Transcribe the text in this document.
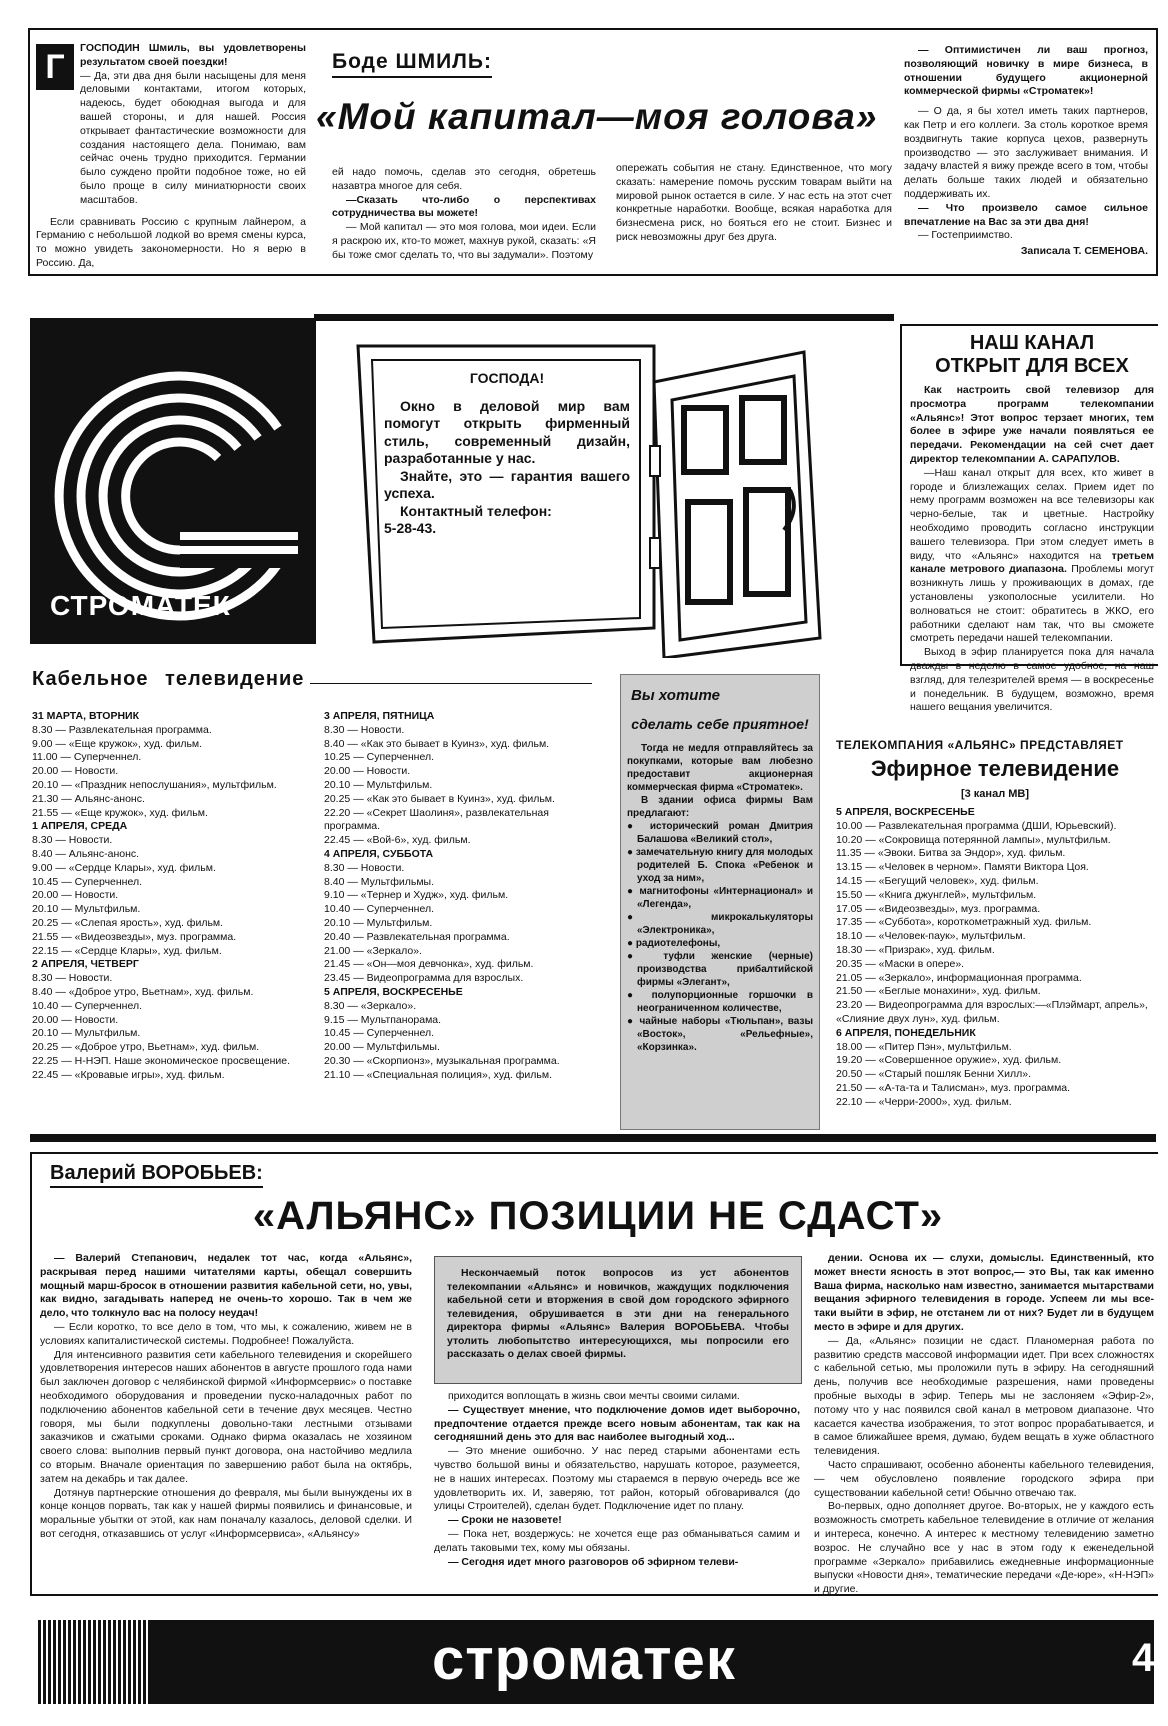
Г	ГОСПОДИН Шмиль, вы удовлетворены результатом своей поездки!

— Да, эти два дня были насыщены для меня деловыми контактами, итогом которых, надеюсь, будет обоюдная выгода и для вашей стороны, и для нашей. Россия открывает фантастические возможности для создания настоящего дела. Понимаю, вам сейчас очень трудно приходится. Германии было суждено пройти подобное тоже, но ей было проще в силу миниатюрности своих масштабов.

Если сравнивать Россию с крупным лайнером, а Германию с небольшой лодкой во время смены курса, то можно увидеть закономерности. Но я верю в Россию. Да,

Боде ШМИЛЬ:
«Мой капитал—моя голова»

ей надо помочь, сделав это сегодня, обретешь назавтра многое для себя.

—Сказать что-либо о перспективах сотрудничества вы можете!

— Мой капитал — это моя голова, мои идеи. Если я раскрою их, кто-то может, махнув рукой, сказать: «Я бы тоже смог сделать то, что вы задумали». Поэтому

опережать события не стану. Единственное, что могу сказать: намерение помочь русским товарам выйти на мировой рынок остается в силе. У нас есть на этот счет конкретные наработки. Вообще, всякая наработка для бизнесмена риск, но бояться его не стоит. Бизнес и риск невозможны друг без друга.

— Оптимистичен ли ваш прогноз, позволяющий новичку в мире бизнеса, в отношении будущего акционерной коммерческой фирмы «Строматек»!

— О да, я бы хотел иметь таких партнеров, как Петр и его коллеги. За столь короткое время воздвигнуть такие корпуса цехов, развернуть производство — это заслуживает внимания. И задачу властей я вижу прежде всего в том, чтобы делать больше таких людей и обязательно поддерживать их.

— Что произвело самое сильное впечатление на Вас за эти два дня!

— Гостеприимство.

Записала Т. СЕМЕНОВА.
СТРОМАТЕК
ГОСПОДА!
Окно в деловой мир вам помогут открыть фирменный стиль, современный дизайн, разработанные у нас.
Знайте, это — гарантия вашего успеха.
Контактный телефон:
5-28-43.
НАШ КАНАЛ
ОТКРЫТ ДЛЯ ВСЕХ

Как настроить свой телевизор для просмотра программ телекомпании «Альянс»! Этот вопрос терзает многих, тем более в эфире уже начали появляться ее передачи. Рекомендации на сей счет дает директор телекомпании А. САРАПУЛОВ.

—Наш канал открыт для всех, кто живет в городе и близлежащих селах. Прием идет по нему программ возможен на все телевизоры как черно-белые, так и цветные. Настройку необходимо проводить согласно инструкции вашего телевизора. При этом следует иметь в виду, что «Альянс» находится на третьем канале метрового диапазона. Проблемы могут возникнуть лишь у проживающих в домах, где установлены узкополосные усилители. Но волноваться не стоит: обратитесь в ЖКО, его работники сделают нам так, что вы сможете смотреть передачи нашей телекомпании.

Выход в эфир планируется пока для начала дважды в неделю в самое удобное, на наш взгляд, для телезрителей время — в воскресенье и понедельник. В будущем, возможно, время нашего вещания увеличится.

Кабельное телевидение
31 МАРТА, ВТОРНИК
8.30 — Развлекательная программа.
9.00 — «Еще кружок», худ. фильм.
11.00 — Суперченнел.
20.00 — Новости.
20.10 — «Праздник непослушания», мультфильм.
21.30 — Альянс-анонс.
21.55 — «Еще кружок», худ. фильм.
1 АПРЕЛЯ, СРЕДА
8.30 — Новости.
8.40 — Альянс-анонс.
9.00 — «Сердце Клары», худ. фильм.
10.45 — Суперченнел.
20.00 — Новости.
20.10 — Мультфильм.
20.25 — «Слепая ярость», худ. фильм.
21.55 — «Видеозвезды», муз. программа.
22.15 — «Сердце Клары», худ. фильм.
2 АПРЕЛЯ, ЧЕТВЕРГ
8.30 — Новости.
8.40 — «Доброе утро, Вьетнам», худ. фильм.
10.40 — Суперченнел.
20.00 — Новости.
20.10 — Мультфильм.
20.25 — «Доброе утро, Вьетнам», худ. фильм.
22.25 — Н-НЭП. Наше экономическое просвещение.
22.45 — «Кровавые игры», худ. фильм.
3 АПРЕЛЯ, ПЯТНИЦА
8.30 — Новости.
8.40 — «Как это бывает в Куинз», худ. фильм.
10.25 — Суперченнел.
20.00 — Новости.
20.10 — Мультфильм.
20.25 — «Как это бывает в Куинз», худ. фильм.
22.20 — «Секрет Шаолиня», развлекательная программа.
22.45 — «Вой-6», худ. фильм.
4 АПРЕЛЯ, СУББОТА
8.30 — Новости.
8.40 — Мультфильмы.
9.10 — «Тернер и Худж», худ. фильм.
10.40 — Суперченнел.
20.10 — Мультфильм.
20.40 — Развлекательная программа.
21.00 — «Зеркало».
21.45 — «Он—моя девчонка», худ. фильм.
23.45 — Видеопрограмма для взрослых.
5 АПРЕЛЯ, ВОСКРЕСЕНЬЕ
8.30 — «Зеркало».
9.15 — Мультпанорама.
10.45 — Суперченнел.
20.00 — Мультфильмы.
20.30 — «Скорпионз», музыкальная программа.
21.10 — «Специальная полиция», худ. фильм.
Вы хотите
сделать себе приятное!

Тогда не медля отправляйтесь за покупками, которые вам любезно предоставит акционерная коммерческая фирма «Строматек».

В здании офиса фирмы Вам предлагают:

● исторический роман Дмитрия Балашова «Великий стол»,
● замечательную книгу для молодых родителей Б. Спока «Ребенок и уход за ним»,
● магнитофоны «Интернационал» и «Легенда»,
● микрокалькуляторы «Электроника»,
● радиотелефоны,
● туфли женские (черные) производства прибалтийской фирмы «Элегант»,
● полупорционные горшочки в неограниченном количестве,
● чайные наборы «Тюльпан», вазы «Восток», «Рельефные», «Корзинка».
ТЕЛЕКОМПАНИЯ «АЛЬЯНС» ПРЕДСТАВЛЯЕТ
Эфирное телевидение
[3 канал МВ]
5 АПРЕЛЯ, ВОСКРЕСЕНЬЕ
10.00 — Развлекательная программа (ДШИ, Юрьевский).
10.20 — «Сокровища потерянной лампы», мультфильм.
11.35 — «Эвоки. Битва за Эндор», худ. фильм.
13.15 — «Человек в черном». Памяти Виктора Цоя.
14.15 — «Бегущий человек», худ. фильм.
15.50 — «Книга джунглей», мультфильм.
17.05 — «Видеозвезды», муз. программа.
17.35 — «Суббота», короткометражный худ. фильм.
18.10 — «Человек-паук», мультфильм.
18.30 — «Призрак», худ. фильм.
20.35 — «Маски в опере».
21.05 — «Зеркало», информационная программа.
21.50 — «Беглые монахини», худ. фильм.
23.20 — Видеопрограмма для взрослых:—«Плэймарт, апрель», «Слияние двух лун», худ. фильм.
6 АПРЕЛЯ, ПОНЕДЕЛЬНИК
18.00 — «Питер Пэн», мультфильм.
19.20 — «Совершенное оружие», худ. фильм.
20.50 — «Старый пошляк Бенни Хилл».
21.50 — «А-та-та и Талисман», муз. программа.
22.10 — «Черри-2000», худ. фильм.
Валерий ВОРОБЬЕВ:
«АЛЬЯНС» ПОЗИЦИИ НЕ СДАСТ»

— Валерий Степанович, недалек тот час, когда «Альянс», раскрывая перед нашими читателями карты, обещал совершить мощный марш-бросок в отношении развития кабельной сети, но, увы, как видно, загадывать наперед не очень-то хорошо. Так в чем же дело, что толкнуло вас на полосу неудач!

— Если коротко, то все дело в том, что мы, к сожалению, живем не в условиях капиталистической системы. Подробнее! Пожалуйста.

Для интенсивного развития сети кабельного телевидения и скорейшего удовлетворения интересов наших абонентов в августе прошлого года нами был заключен договор с челябинской фирмой «Информсервис» о поставке необходимого оборудования и проведении пуско-наладочных работ по подключению абонентов кабельной сети в течение двух месяцев. Честно говоря, мы были подкуплены довольно-таки лестными отзывами заказчиков и сжатыми сроками. Однако фирма оказалась не хозяином своего слова: выполнив первый пункт договора, она настойчиво медлила со вторым. Вначале ориентация по завершению работ была на октябрь, затем на декабрь и так далее.

Дотянув партнерские отношения до февраля, мы были вынуждены их в конце концов порвать, так как у нашей фирмы появились и финансовые, и моральные убытки от этой, как нам поначалу казалось, деловой сделки. И вот сегодня, отказавшись от услуг «Информсервиса», «Альянсу»

Нескончаемый поток вопросов из уст абонентов телекомпании «Альянс» и новичков, жаждущих подключения кабельной сети и вторжения в свой дом городского эфирного телевидения, обрушивается в эти дни на генерального директора фирмы «Альянс» Валерия ВОРОБЬЕВА. Чтобы утолить любопытство интересующихся, мы попросили его рассказать о делах своей фирмы.

приходится воплощать в жизнь свои мечты своими силами.

— Существует мнение, что подключение домов идет выборочно, предпочтение отдается прежде всего новым абонентам, так как на сегодняшний день это для вас наиболее выгодный ход...

— Это мнение ошибочно. У нас перед старыми абонентами есть чувство большой вины и обязательство, нарушать которое, разумеется, не в наших интересах. Поэтому мы стараемся в первую очередь все же удовлетворить их. И, заверяю, тот район, который обговаривался (до улицы Строителей), сделан будет. Подключение идет по плану.

— Сроки не назовете!

— Пока нет, воздержусь: не хочется еще раз обманываться самим и делать таковыми тех, кому мы обязаны.

— Сегодня идет много разговоров об эфирном телеви-

дении. Основа их — слухи, домыслы. Единственный, кто может внести ясность в этот вопрос,— это Вы, так как именно Ваша фирма, насколько нам известно, занимается мытарствами вещания эфирного телевидения в городе. Успеем ли мы все-таки выйти в эфир, не отстанем ли от них? Будет ли в будущем место в эфире и для других.

— Да, «Альянс» позиции не сдаст. Планомерная работа по развитию средств массовой информации идет. При всех сложностях с кабельной сетью, мы проложили путь в эфиру. На сегодняшний день, получив все необходимые разрешения, нами проведены пробные выходы в эфир. Теперь мы не заслоняем «Эфир-2», потому что у нас появился свой канал в метровом диапазоне. Что касается качества изображения, то этот вопрос прорабатывается, и в самое ближайшее время, думаю, будем вещать в хуже областного телевидения.

Часто спрашивают, особенно абоненты кабельного телевидения,— чем обусловлено появление городского эфира при существовании кабельной сети! Обычно отвечаю так.

Во-первых, одно дополняет другое. Во-вторых, не у каждого есть возможность смотреть кабельное телевидение в отличие от желания и интереса, конечно. А интерес к местному телевидению заметно возрос. Не случайно все у нас в этом году к еженедельной программе «Зеркало» прибавились ежедневные информационные выпуски «Новости дня», тематические передачи «Де-юре», «Н-НЭП» и другие.

строматек	4
